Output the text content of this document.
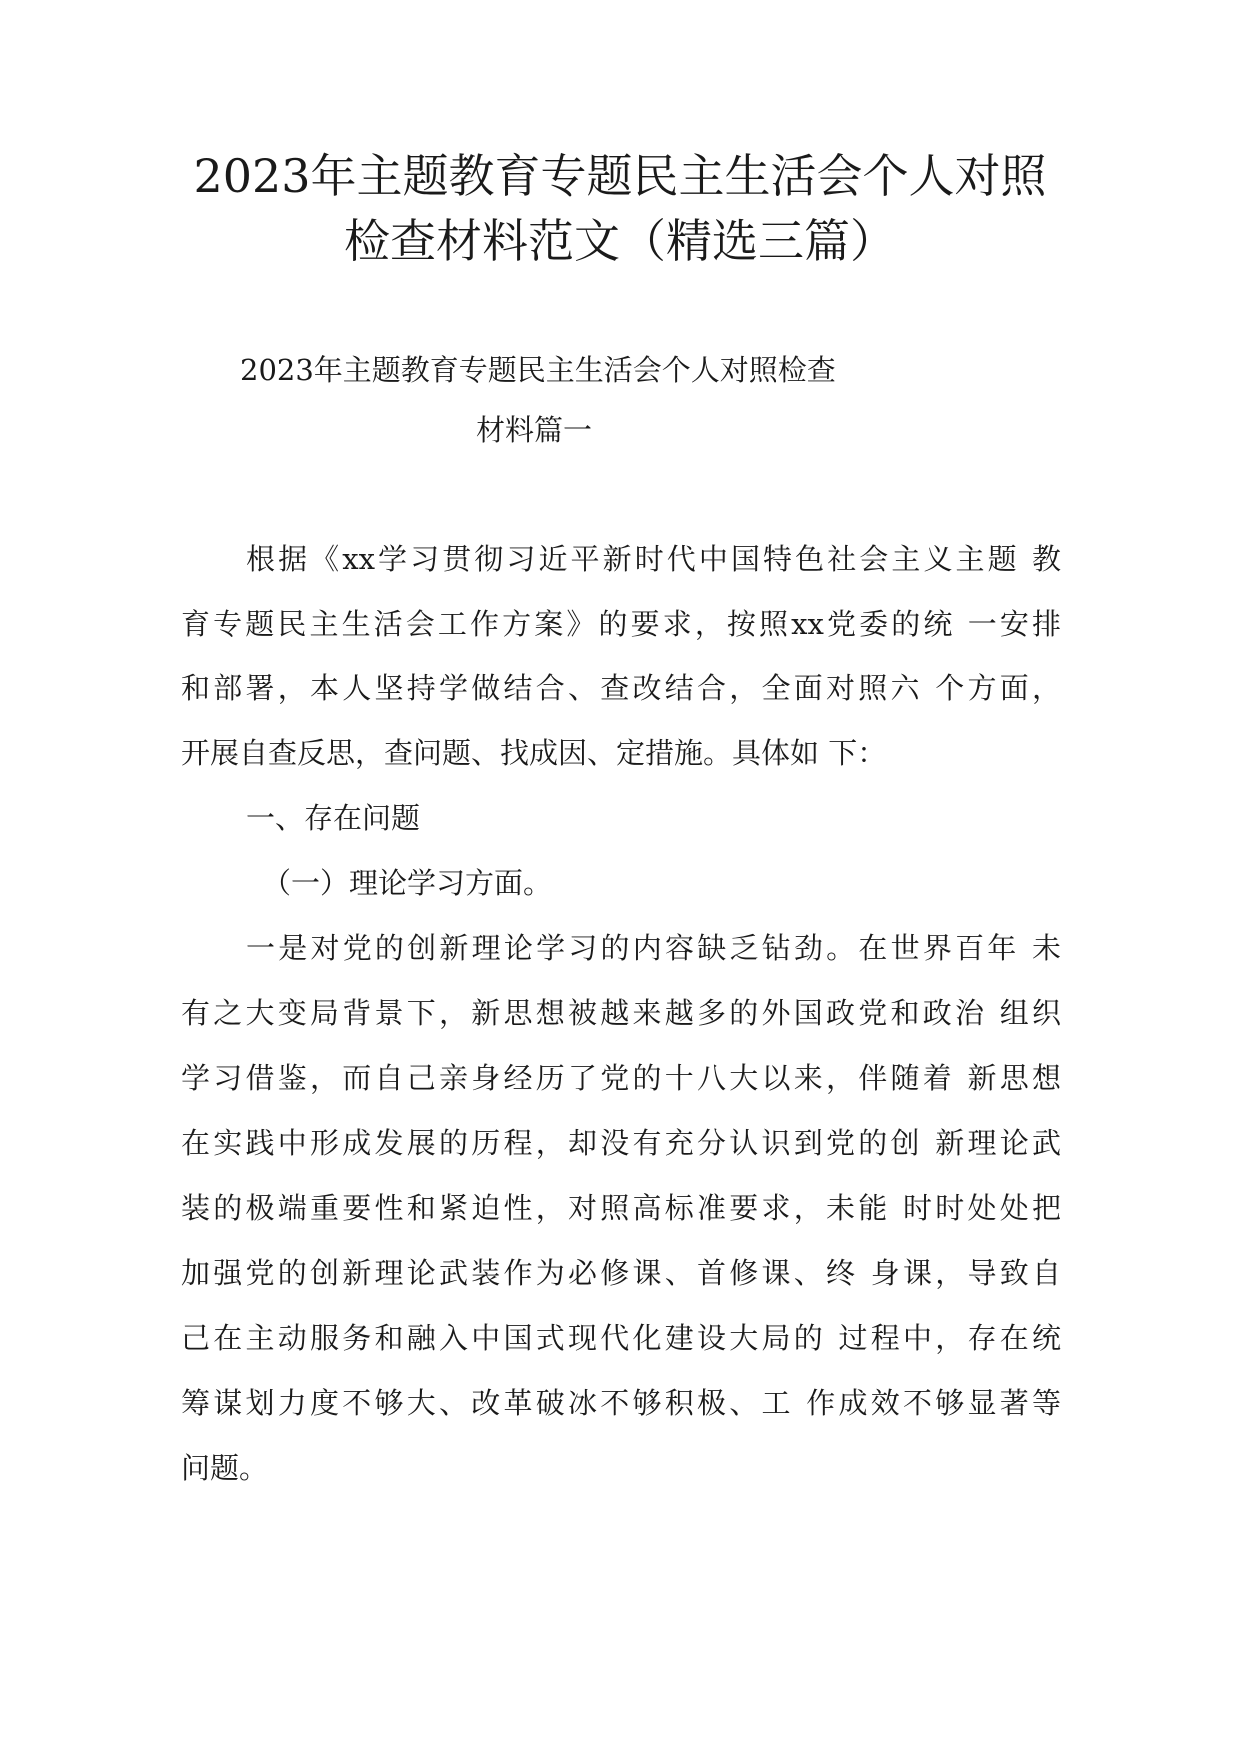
2023年主题教育专题民主生活会个人对照
检查材料范文（精选三篇）
2023年主题教育专题民主生活会个人对照检查
材料篇一
根据《xx学习贯彻习近平新时代中国特色社会主义主题 教
育专题民主生活会工作方案》的要求，按照xx党委的统 一安排
和部署，本人坚持学做结合、查改结合，全面对照六 个方面，
开展自查反思，查问题、找成因、定措施。具体如 下：
一、存在问题
（一）理论学习方面。
一是对党的创新理论学习的内容缺乏钻劲。在世界百年 未
有之大变局背景下，新思想被越来越多的外国政党和政治 组织
学习借鉴，而自己亲身经历了党的十八大以来，伴随着 新思想
在实践中形成发展的历程，却没有充分认识到党的创 新理论武
装的极端重要性和紧迫性，对照高标准要求，未能 时时处处把
加强党的创新理论武装作为必修课、首修课、终 身课，导致自
己在主动服务和融入中国式现代化建设大局的 过程中，存在统
筹谋划力度不够大、改革破冰不够积极、工 作成效不够显著等
问题。
